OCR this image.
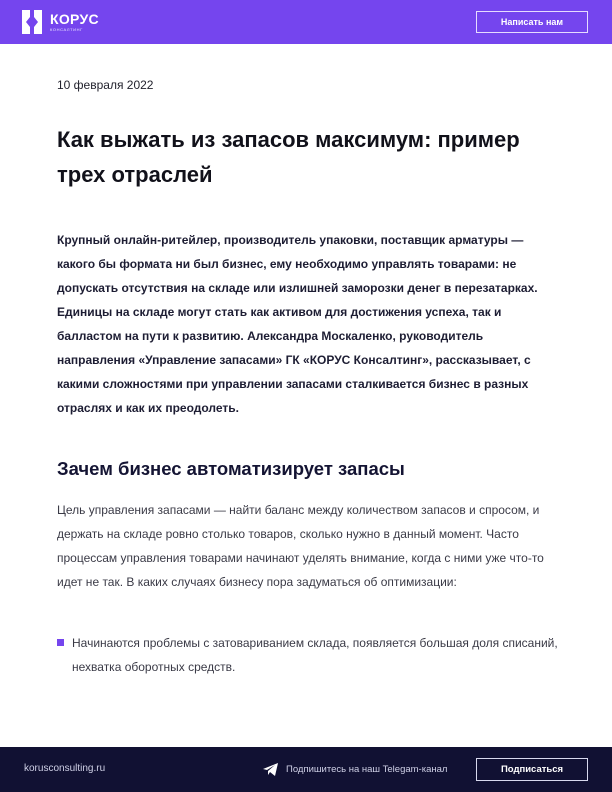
КОРУС
КОНСАЛТИНГ
Написать нам
10 февраля 2022
Как выжать из запасов максимум: пример трех отраслей

Крупный онлайн-ритейлер, производитель упаковки, поставщик арматуры — какого бы формата ни был бизнес, ему необходимо управлять товарами: не допускать отсутствия на складе или излишней заморозки денег в перезатарках. Единицы на складе могут стать как активом для достижения успеха, так и балластом на пути к развитию. Александра Москаленко, руководитель направления «Управление запасами» ГК «КОРУС Консалтинг», рассказывает, с какими сложностями при управлении запасами сталкивается бизнес в разных отраслях и как их преодолеть.

Зачем бизнес автоматизирует запасы

Цель управления запасами — найти баланс между количеством запасов и спросом, и держать на складе ровно столько товаров, сколько нужно в данный момент. Часто процессам управления товарами начинают уделять внимание, когда с ними уже что-то идет не так. В каких случаях бизнесу пора задуматься об оптимизации:

Начинаются проблемы с затовариванием склада, появляется большая доля списаний, нехватка оборотных средств.
korusconsulting.ru	Подпишитесь на наш Telegam-канал	Подписаться
